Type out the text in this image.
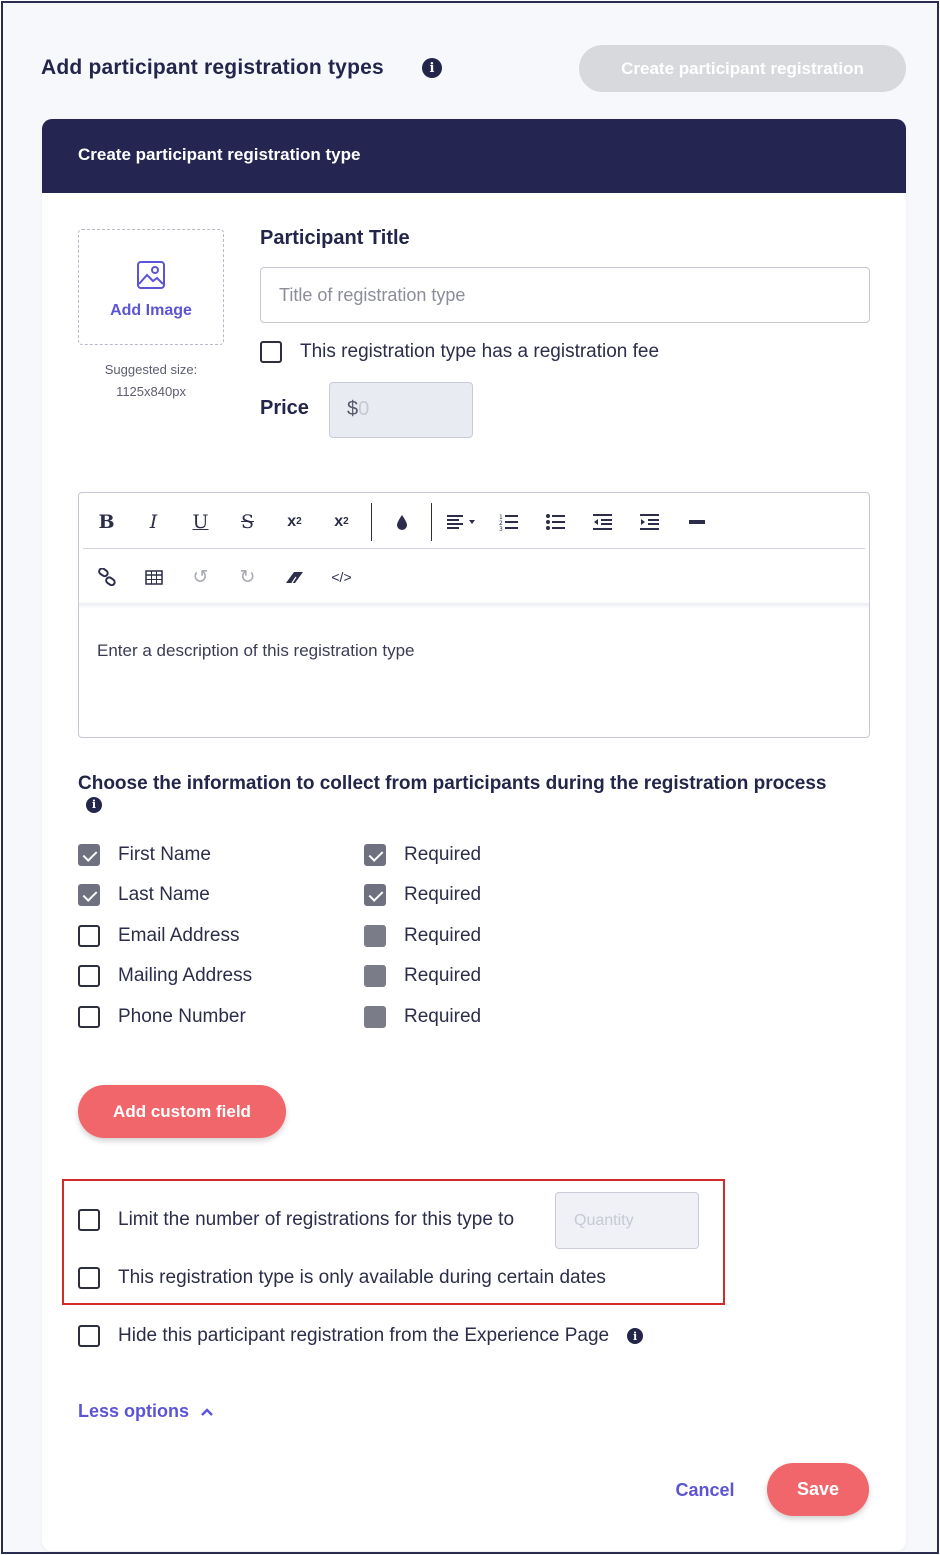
Add participant registration types	i	Create participant registration
Create participant registration type
Add Image
Suggested size:
1125x840px
Participant Title
Title of registration type
This registration type has a registration fee
Price	$0
B	I	U	S	x 2	x 2	1
2
3
↺	↻	</>
Enter a description of this registration type
Choose the information to collect from participants during the registration process i
First Name	Required
Last Name	Required
Email Address	Required
Mailing Address	Required
Phone Number	Required
Add custom field
Limit the number of registrations for this type to
Quantity
This registration type is only available during certain dates
Hide this participant registration from the Experience Page	i
Less options
Cancel	Save
